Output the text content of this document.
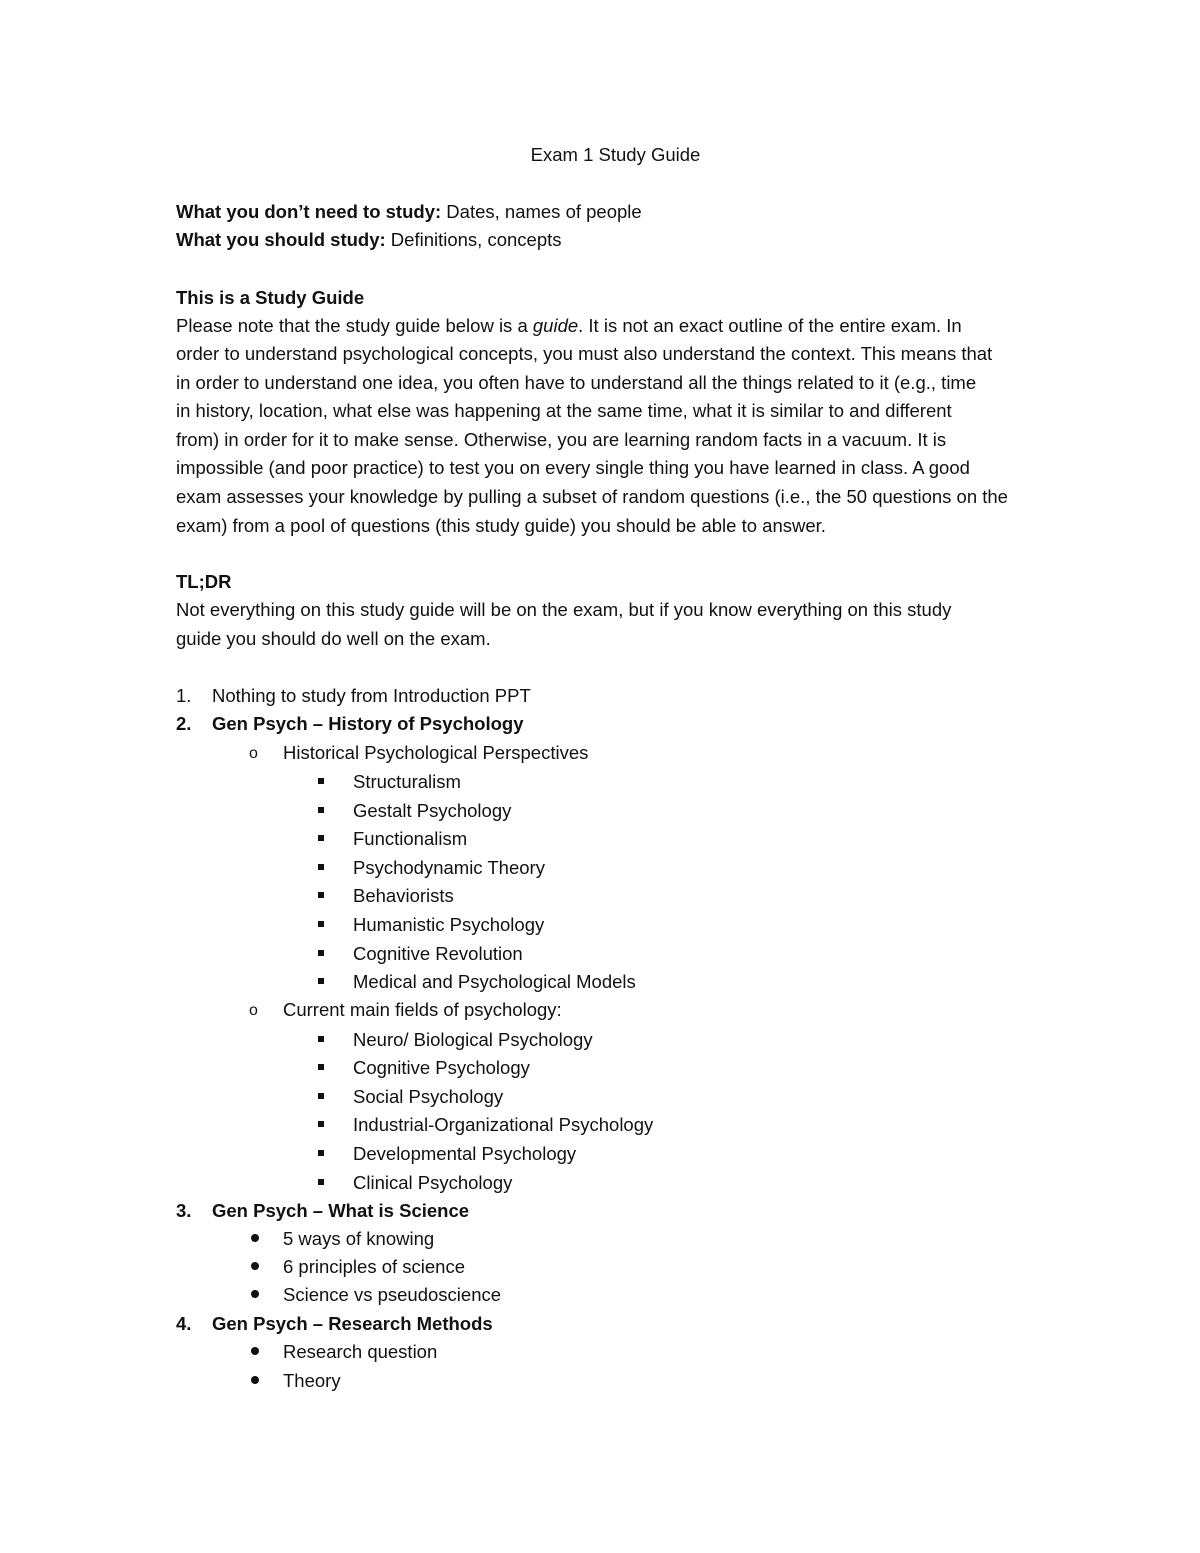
Exam 1 Study Guide
What you don’t need to study: Dates, names of people
What you should study: Definitions, concepts
This is a Study Guide
Please note that the study guide below is a guide. It is not an exact outline of the entire exam. In
order to understand psychological concepts, you must also understand the context. This means that
in order to understand one idea, you often have to understand all the things related to it (e.g., time
in history, location, what else was happening at the same time, what it is similar to and different
from) in order for it to make sense. Otherwise, you are learning random facts in a vacuum. It is
impossible (and poor practice) to test you on every single thing you have learned in class. A good
exam assesses your knowledge by pulling a subset of random questions (i.e., the 50 questions on the
exam) from a pool of questions (this study guide) you should be able to answer.
TL;DR
Not everything on this study guide will be on the exam, but if you know everything on this study
guide you should do well on the exam.
1. Nothing to study from Introduction PPT
2. Gen Psych – History of Psychology
o Historical Psychological Perspectives
Structuralism
Gestalt Psychology
Functionalism
Psychodynamic Theory
Behaviorists
Humanistic Psychology
Cognitive Revolution
Medical and Psychological Models
o Current main fields of psychology:
Neuro/ Biological Psychology
Cognitive Psychology
Social Psychology
Industrial-Organizational Psychology
Developmental Psychology
Clinical Psychology
3. Gen Psych – What is Science
5 ways of knowing
6 principles of science
Science vs pseudoscience
4. Gen Psych – Research Methods
Research question
Theory
